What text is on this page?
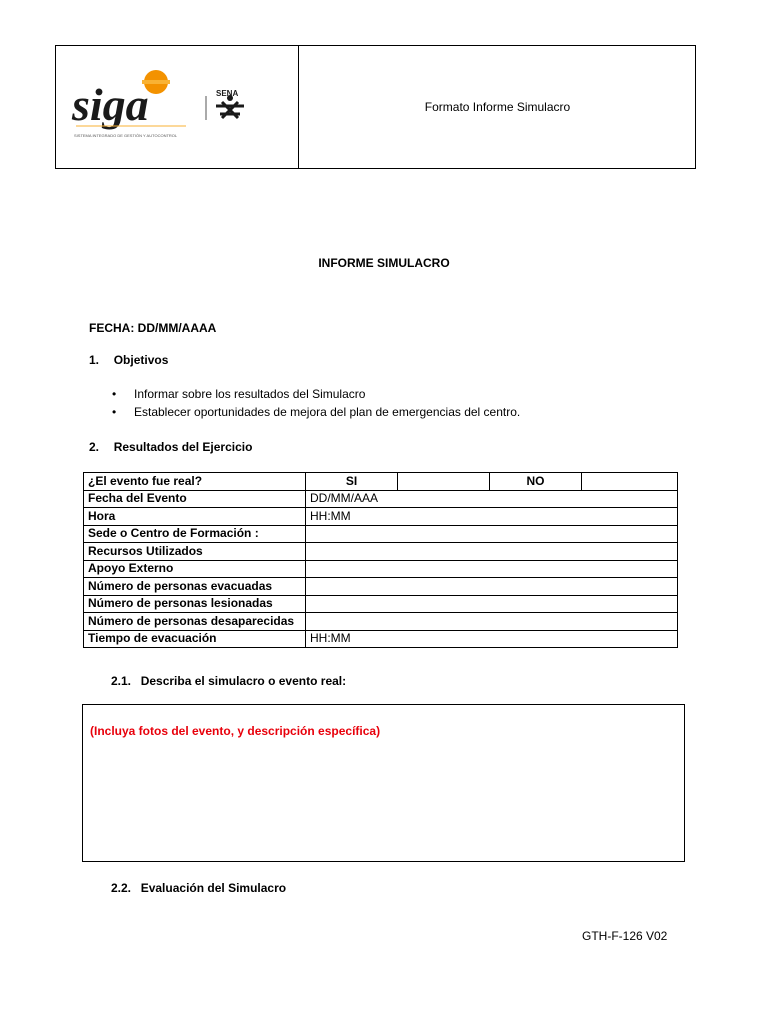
siga
SISTEMA INTEGRADO DE GESTIÓN Y AUTOCONTROL
SENA
Formato Informe Simulacro
INFORME SIMULACRO
FECHA: DD/MM/AAAA
1. Objetivos
• Informar sobre los resultados del Simulacro
• Establecer oportunidades de mejora del plan de emergencias del centro.
2. Resultados del Ejercicio
¿El evento fue real?	SI		NO	
Fecha del Evento	DD/MM/AAA			
Hora	HH:MM			
Sede o Centro de Formación :				
Recursos Utilizados				
Apoyo Externo				
Número de personas evacuadas				
Número de personas lesionadas				
Número de personas desaparecidas				
Tiempo de evacuación	HH:MM			
2.1. Describa el simulacro o evento real:
(Incluya fotos del evento, y descripción específica)
2.2. Evaluación del Simulacro
GTH-F-126 V02
